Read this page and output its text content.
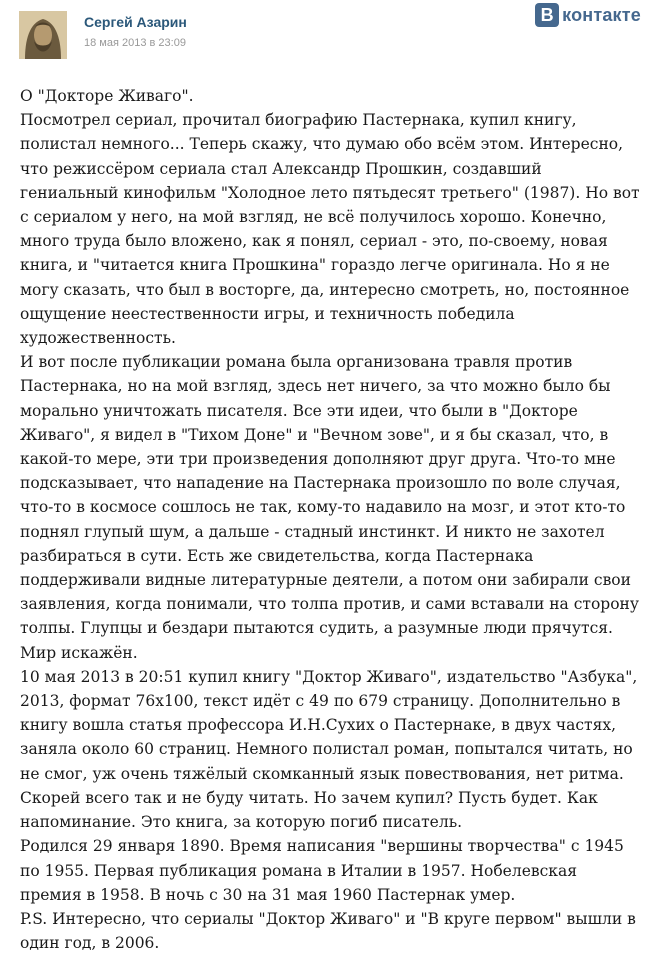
Сергей Азарин
18 мая 2013 в 23:09
B контакте

О "Докторе Живаго".

Посмотрел сериал, прочитал биографию Пастернака, купил книгу, полистал немного... Теперь скажу, что думаю обо всём этом. Интересно, что режиссёром сериала стал Александр Прошкин, создавший гениальный кинофильм "Холодное лето пятьдесят третьего" (1987). Но вот с сериалом у него, на мой взгляд, не всё получилось хорошо. Конечно, много труда было вложено, как я понял, сериал - это, по-своему, новая книга, и "читается книга Прошкина" гораздо легче оригинала. Но я не могу сказать, что был в восторге, да, интересно смотреть, но, постоянное ощущение неестественности игры, и техничность победила художественность.

И вот после публикации романа была организована травля против Пастернака, но на мой взгляд, здесь нет ничего, за что можно было бы морально уничтожать писателя. Все эти идеи, что были в "Докторе Живаго", я видел в "Тихом Доне" и "Вечном зове", и я бы сказал, что, в какой-то мере, эти три произведения дополняют друг друга. Что-то мне подсказывает, что нападение на Пастернака произошло по воле случая, что-то в космосе сошлось не так, кому-то надавило на мозг, и этот кто-то поднял глупый шум, а дальше - стадный инстинкт. И никто не захотел разбираться в сути. Есть же свидетельства, когда Пастернака поддерживали видные литературные деятели, а потом они забирали свои заявления, когда понимали, что толпа против, и сами вставали на сторону толпы. Глупцы и бездари пытаются судить, а разумные люди прячутся. Мир искажён.

10 мая 2013 в 20:51 купил книгу "Доктор Живаго", издательство "Азбука", 2013, формат 76х100, текст идёт с 49 по 679 страницу. Дополнительно в книгу вошла статья профессора И.Н.Сухих о Пастернаке, в двух частях, заняла около 60 страниц. Немного полистал роман, попытался читать, но не смог, уж очень тяжёлый скомканный язык повествования, нет ритма. Скорей всего так и не буду читать. Но зачем купил? Пусть будет. Как напоминание. Это книга, за которую погиб писатель.

Родился 29 января 1890. Время написания "вершины творчества" с 1945 по 1955. Первая публикация романа в Италии в 1957. Нобелевская премия в 1958. В ночь с 30 на 31 мая 1960 Пастернак умер.

P.S. Интересно, что сериалы "Доктор Живаго" и "В круге первом" вышли в один год, в 2006.
